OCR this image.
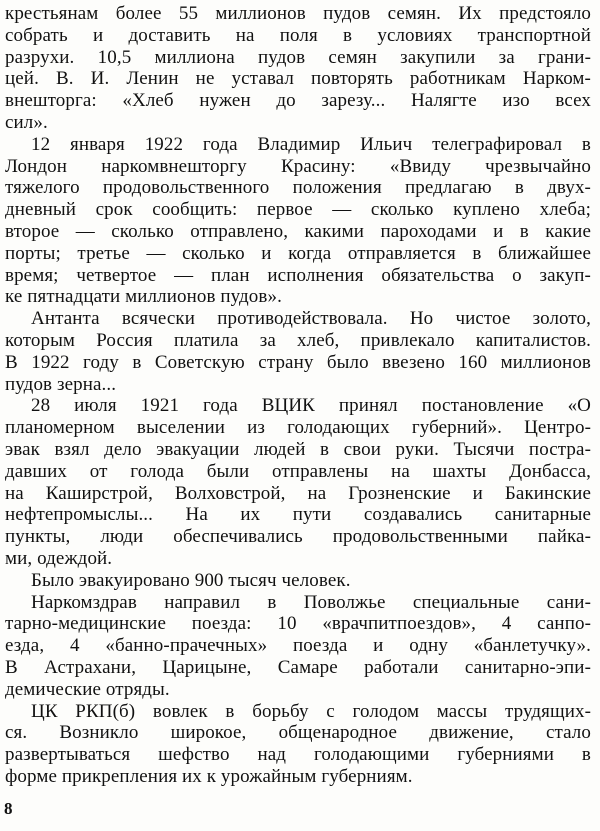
крестьянам более 55 миллионов пудов семян. Их предстояло
собрать и доставить на поля в условиях транспортной
разрухи. 10,5 миллиона пудов семян закупили за грани-
цей. В. И. Ленин не уставал повторять работникам Нарком-
внешторга: «Хлеб нужен до зарезу... Налягте изо всех
сил».
12 января 1922 года Владимир Ильич телеграфировал в
Лондон наркомвнешторгу Красину: «Ввиду чрезвычайно
тяжелого продовольственного положения предлагаю в двух-
дневный срок сообщить: первое — сколько куплено хлеба;
второе — сколько отправлено, какими пароходами и в какие
порты; третье — сколько и когда отправляется в ближайшее
время; четвертое — план исполнения обязательства о закуп-
ке пятнадцати миллионов пудов».
Антанта всячески противодействовала. Но чистое золото,
которым Россия платила за хлеб, привлекало капиталистов.
В 1922 году в Советскую страну было ввезено 160 миллионов
пудов зерна...
28 июля 1921 года ВЦИК принял постановление «О
планомерном выселении из голодающих губерний». Центро-
эвак взял дело эвакуации людей в свои руки. Тысячи постра-
давших от голода были отправлены на шахты Донбасса,
на Каширстрой, Волховстрой, на Грозненские и Бакинские
нефтепромыслы... На их пути создавались санитарные
пункты, люди обеспечивались продовольственными пайка-
ми, одеждой.
Было эвакуировано 900 тысяч человек.
Наркомздрав направил в Поволжье специальные сани-
тарно-медицинские поезда: 10 «врачпитпоездов», 4 санпо-
езда, 4 «банно-прачечных» поезда и одну «банлетучку».
В Астрахани, Царицыне, Самаре работали санитарно-эпи-
демические отряды.
ЦК РКП(б) вовлек в борьбу с голодом массы трудящих-
ся. Возникло широкое, общенародное движение, стало
развертываться шефство над голодающими губерниями в
форме прикрепления их к урожайным губерниям.
8
